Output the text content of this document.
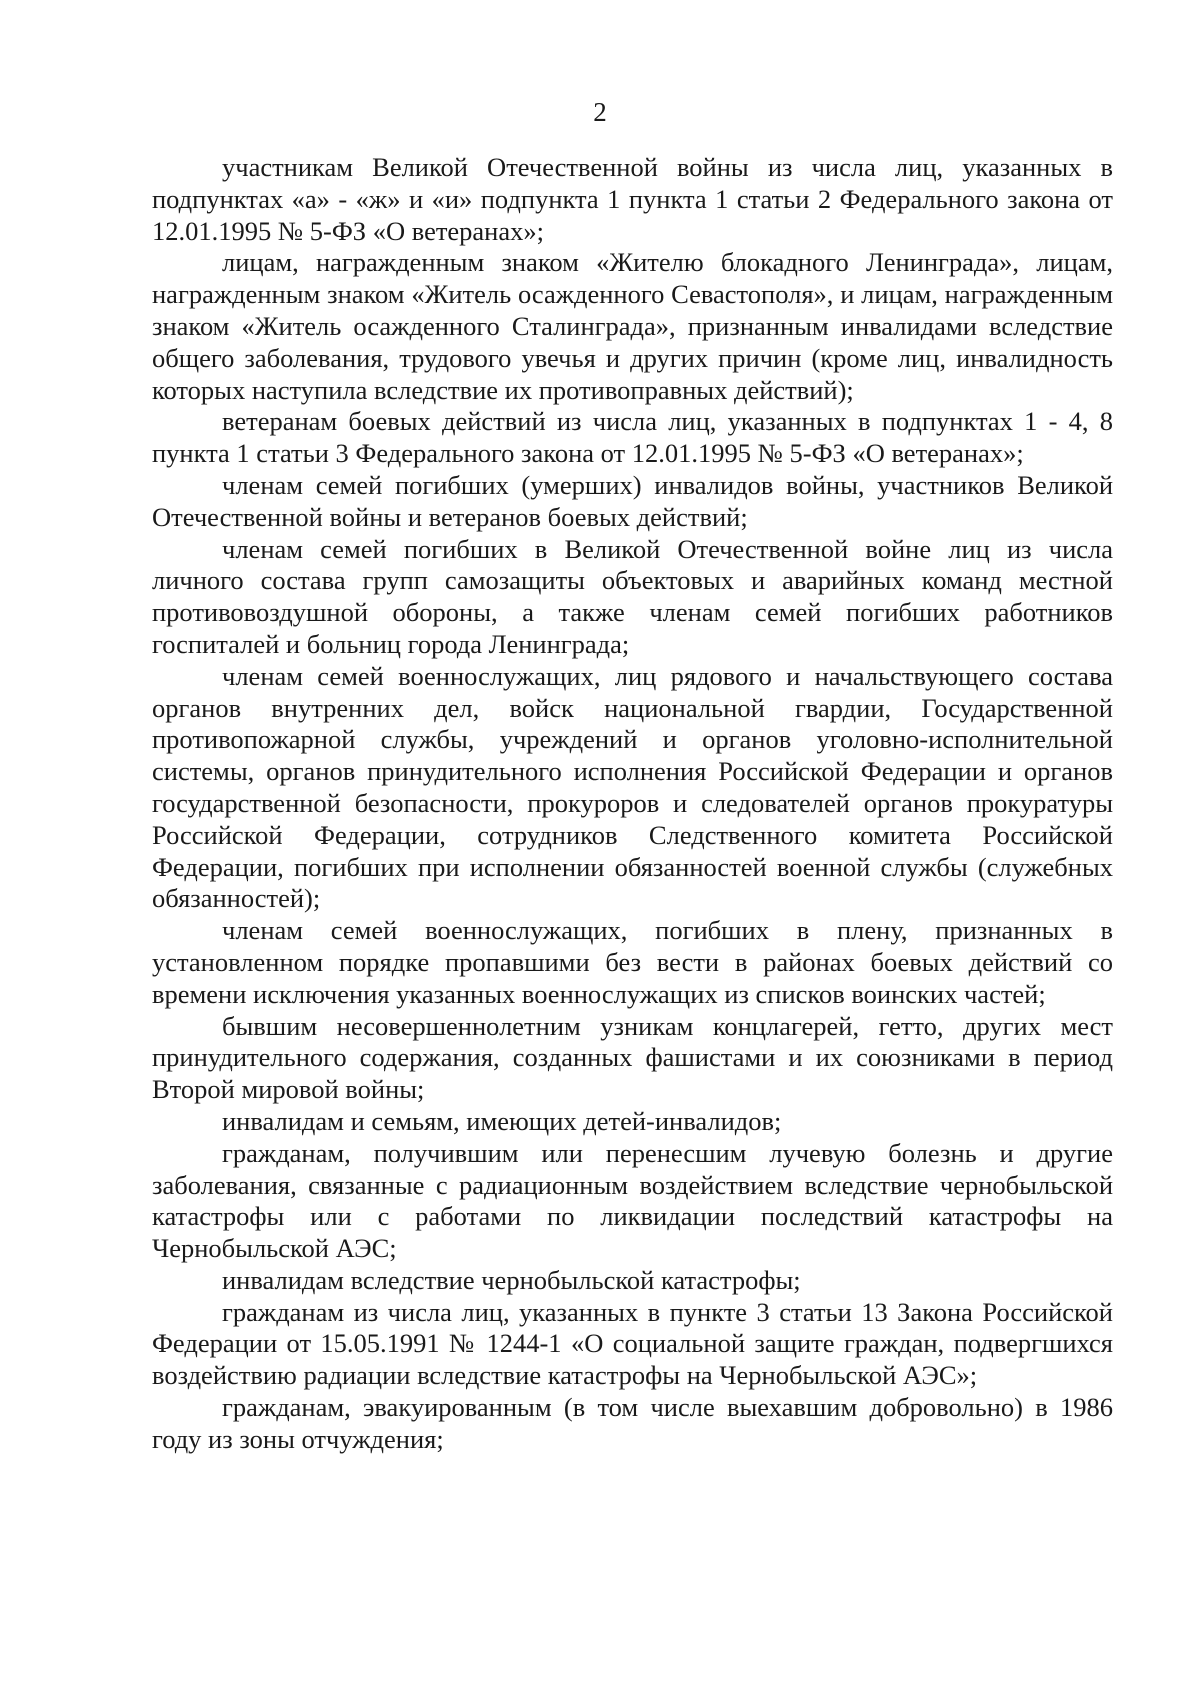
2

участникам Великой Отечественной войны из числа лиц, указанных в подпунктах «а» - «ж» и «и» подпункта 1 пункта 1 статьи 2 Федерального закона от 12.01.1995 № 5-ФЗ «О ветеранах»;

лицам, награжденным знаком «Жителю блокадного Ленинграда», лицам, награжденным знаком «Житель осажденного Севастополя», и лицам, награжденным знаком «Житель осажденного Сталинграда», признанным инвалидами вследствие общего заболевания, трудового увечья и других причин (кроме лиц, инвалидность которых наступила вследствие их противоправных действий);

ветеранам боевых действий из числа лиц, указанных в подпунктах 1 - 4, 8 пункта 1 статьи 3 Федерального закона от 12.01.1995 № 5-ФЗ «О ветеранах»;

членам семей погибших (умерших) инвалидов войны, участников Великой Отечественной войны и ветеранов боевых действий;

членам семей погибших в Великой Отечественной войне лиц из числа личного состава групп самозащиты объектовых и аварийных команд местной противовоздушной обороны, а также членам семей погибших работников госпиталей и больниц города Ленинграда;

членам семей военнослужащих, лиц рядового и начальствующего состава органов внутренних дел, войск национальной гвардии, Государственной противопожарной службы, учреждений и органов уголовно-исполнительной системы, органов принудительного исполнения Российской Федерации и органов государственной безопасности, прокуроров и следователей органов прокуратуры Российской Федерации, сотрудников Следственного комитета Российской Федерации, погибших при исполнении обязанностей военной службы (служебных обязанностей);

членам семей военнослужащих, погибших в плену, признанных в установленном порядке пропавшими без вести в районах боевых действий со времени исключения указанных военнослужащих из списков воинских частей;

бывшим несовершеннолетним узникам концлагерей, гетто, других мест принудительного содержания, созданных фашистами и их союзниками в период Второй мировой войны;

инвалидам и семьям, имеющих детей-инвалидов;

гражданам, получившим или перенесшим лучевую болезнь и другие заболевания, связанные с радиационным воздействием вследствие чернобыльской катастрофы или с работами по ликвидации последствий катастрофы на Чернобыльской АЭС;

инвалидам вследствие чернобыльской катастрофы;

гражданам из числа лиц, указанных в пункте 3 статьи 13 Закона Российской Федерации от 15.05.1991 № 1244-1 «О социальной защите граждан, подвергшихся воздействию радиации вследствие катастрофы на Чернобыльской АЭС»;

гражданам, эвакуированным (в том числе выехавшим добровольно) в 1986 году из зоны отчуждения;
